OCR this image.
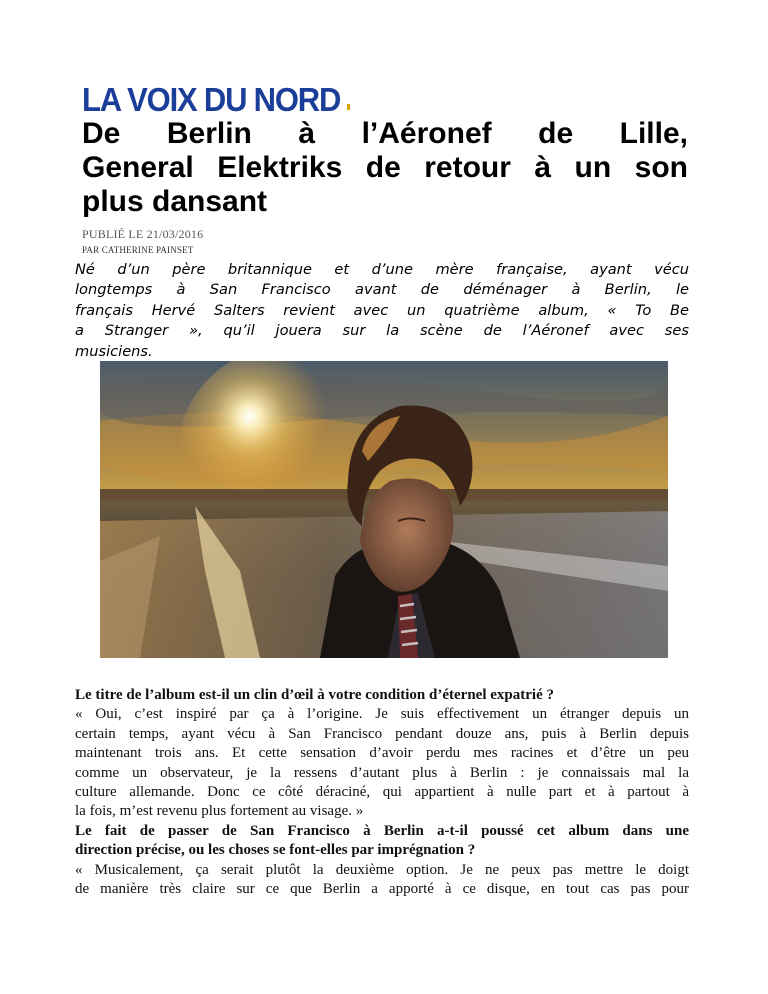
LA VOIX DU NORD
De Berlin à l’Aéronef de Lille,
General Elektriks de retour à un son
plus dansant
PUBLIÉ LE 21/03/2016
PAR CATHERINE PAINSET

Né d’un père britannique et d’une mère française, ayant vécu
longtemps à San Francisco avant de déménager à Berlin, le
français Hervé Salters revient avec un quatrième album, « To Be
a Stranger », qu’il jouera sur la scène de l’Aéronef avec ses
musiciens.

Le titre de l’album est-il un clin d’œil à votre condition d’éternel expatrié ?

« Oui, c’est inspiré par ça à l’origine. Je suis effectivement un étranger depuis un
certain temps, ayant vécu à San Francisco pendant douze ans, puis à Berlin depuis
maintenant trois ans. Et cette sensation d’avoir perdu mes racines et d’être un peu
comme un observateur, je la ressens d’autant plus à Berlin : je connaissais mal la
culture allemande. Donc ce côté déraciné, qui appartient à nulle part et à partout à
la fois, m’est revenu plus fortement au visage. »

Le fait de passer de San Francisco à Berlin a-t-il poussé cet album dans une
direction précise, ou les choses se font-elles par imprégnation ?

« Musicalement, ça serait plutôt la deuxième option. Je ne peux pas mettre le doigt
de manière très claire sur ce que Berlin a apporté à ce disque, en tout cas pas pour
